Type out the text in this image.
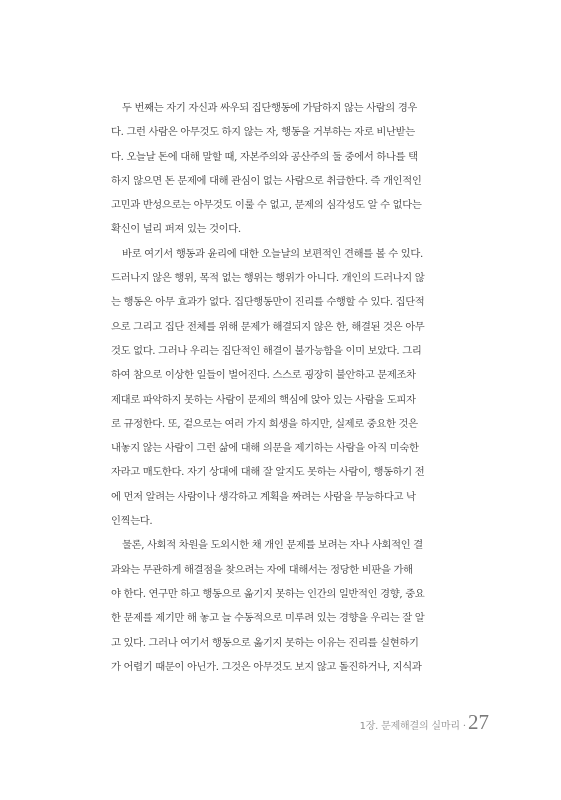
두 번째는 자기 자신과 싸우되 집단행동에 가담하지 않는 사람의 경우
다. 그런 사람은 아무것도 하지 않는 자, 행동을 거부하는 자로 비난받는
다. 오늘날 돈에 대해 말할 때, 자본주의와 공산주의 둘 중에서 하나를 택
하지 않으면 돈 문제에 대해 관심이 없는 사람으로 취급한다. 즉 개인적인
고민과 반성으로는 아무것도 이룰 수 없고, 문제의 심각성도 알 수 없다는
확신이 널리 퍼져 있는 것이다.

바로 여기서 행동과 윤리에 대한 오늘날의 보편적인 견해를 볼 수 있다.
드러나지 않은 행위, 목적 없는 행위는 행위가 아니다. 개인의 드러나지 않
는 행동은 아무 효과가 없다. 집단행동만이 진리를 수행할 수 있다. 집단적
으로 그리고 집단 전체를 위해 문제가 해결되지 않은 한, 해결된 것은 아무
것도 없다. 그러나 우리는 집단적인 해결이 불가능함을 이미 보았다. 그리
하여 참으로 이상한 일들이 벌어진다. 스스로 굉장히 불안하고 문제조차
제대로 파악하지 못하는 사람이 문제의 핵심에 앉아 있는 사람을 도피자
로 규정한다. 또, 겉으로는 여러 가지 희생을 하지만, 실제로 중요한 것은
내놓지 않는 사람이 그런 삶에 대해 의문을 제기하는 사람을 아직 미숙한
자라고 매도한다. 자기 상대에 대해 잘 알지도 못하는 사람이, 행동하기 전
에 먼저 알려는 사람이나 생각하고 계획을 짜려는 사람을 무능하다고 낙
인찍는다.

물론, 사회적 차원을 도외시한 채 개인 문제를 보려는 자나 사회적인 결
과와는 무관하게 해결점을 찾으려는 자에 대해서는 정당한 비판을 가해
야 한다. 연구만 하고 행동으로 옮기지 못하는 인간의 일반적인 경향, 중요
한 문제를 제기만 해 놓고 늘 수동적으로 미루려 있는 경향을 우리는 잘 알
고 있다. 그러나 여기서 행동으로 옮기지 못하는 이유는 진리를 실현하기
가 어렵기 때문이 아닌가. 그것은 아무것도 보지 않고 돌진하거나, 지식과

1장. 문제해결의 실마리 · 27
